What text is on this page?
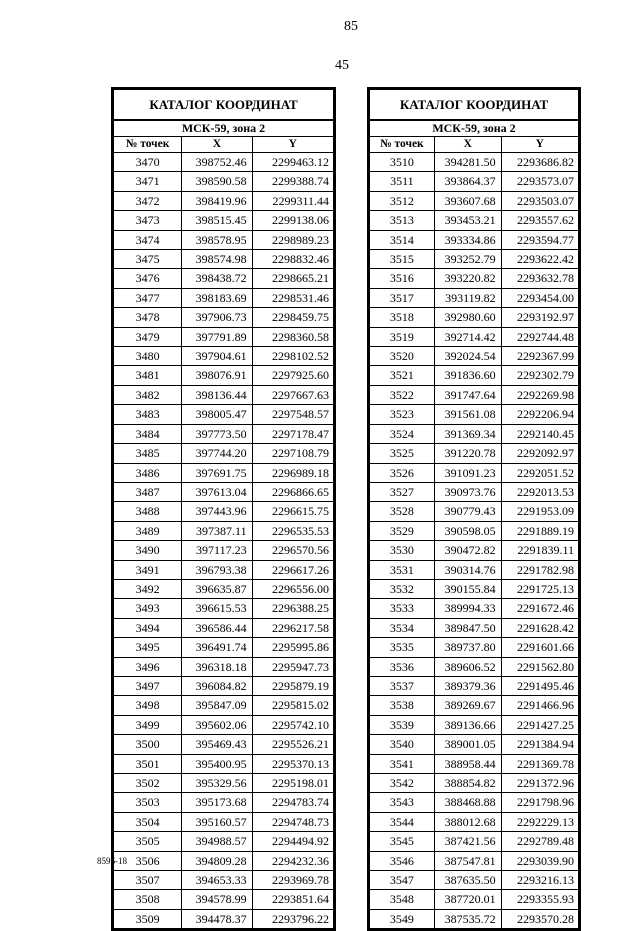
85
45
КАТАЛОГ КООРДИНАТ		
МСК-59, зона 2		
№ точек	X	Y
3470	398752.46	2299463.12
3471	398590.58	2299388.74
3472	398419.96	2299311.44
3473	398515.45	2299138.06
3474	398578.95	2298989.23
3475	398574.98	2298832.46
3476	398438.72	2298665.21
3477	398183.69	2298531.46
3478	397906.73	2298459.75
3479	397791.89	2298360.58
3480	397904.61	2298102.52
3481	398076.91	2297925.60
3482	398136.44	2297667.63
3483	398005.47	2297548.57
3484	397773.50	2297178.47
3485	397744.20	2297108.79
3486	397691.75	2296989.18
3487	397613.04	2296866.65
3488	397443.96	2296615.75
3489	397387.11	2296535.53
3490	397117.23	2296570.56
3491	396793.38	2296617.26
3492	396635.87	2296556.00
3493	396615.53	2296388.25
3494	396586.44	2296217.58
3495	396491.74	2295995.86
3496	396318.18	2295947.73
3497	396084.82	2295879.19
3498	395847.09	2295815.02
3499	395602.06	2295742.10
3500	395469.43	2295526.21
3501	395400.95	2295370.13
3502	395329.56	2295198.01
3503	395173.68	2294783.74
3504	395160.57	2294748.73
3505	394988.57	2294494.92
3506	394809.28	2294232.36
3507	394653.33	2293969.78
3508	394578.99	2293851.64
3509	394478.37	2293796.22
КАТАЛОГ КООРДИНАТ		
МСК-59, зона 2		
№ точек	X	Y
3510	394281.50	2293686.82
3511	393864.37	2293573.07
3512	393607.68	2293503.07
3513	393453.21	2293557.62
3514	393334.86	2293594.77
3515	393252.79	2293622.42
3516	393220.82	2293632.78
3517	393119.82	2293454.00
3518	392980.60	2293192.97
3519	392714.42	2292744.48
3520	392024.54	2292367.99
3521	391836.60	2292302.79
3522	391747.64	2292269.98
3523	391561.08	2292206.94
3524	391369.34	2292140.45
3525	391220.78	2292092.97
3526	391091.23	2292051.52
3527	390973.76	2292013.53
3528	390779.43	2291953.09
3529	390598.05	2291889.19
3530	390472.82	2291839.11
3531	390314.76	2291782.98
3532	390155.84	2291725.13
3533	389994.33	2291672.46
3534	389847.50	2291628.42
3535	389737.80	2291601.66
3536	389606.52	2291562.80
3537	389379.36	2291495.46
3538	389269.67	2291466.96
3539	389136.66	2291427.25
3540	389001.05	2291384.94
3541	388958.44	2291369.78
3542	388854.82	2291372.96
3543	388468.88	2291798.96
3544	388012.68	2292229.13
3545	387421.56	2292789.48
3546	387547.81	2293039.90
3547	387635.50	2293216.13
3548	387720.01	2293355.93
3549	387535.72	2293570.28
8596-18
